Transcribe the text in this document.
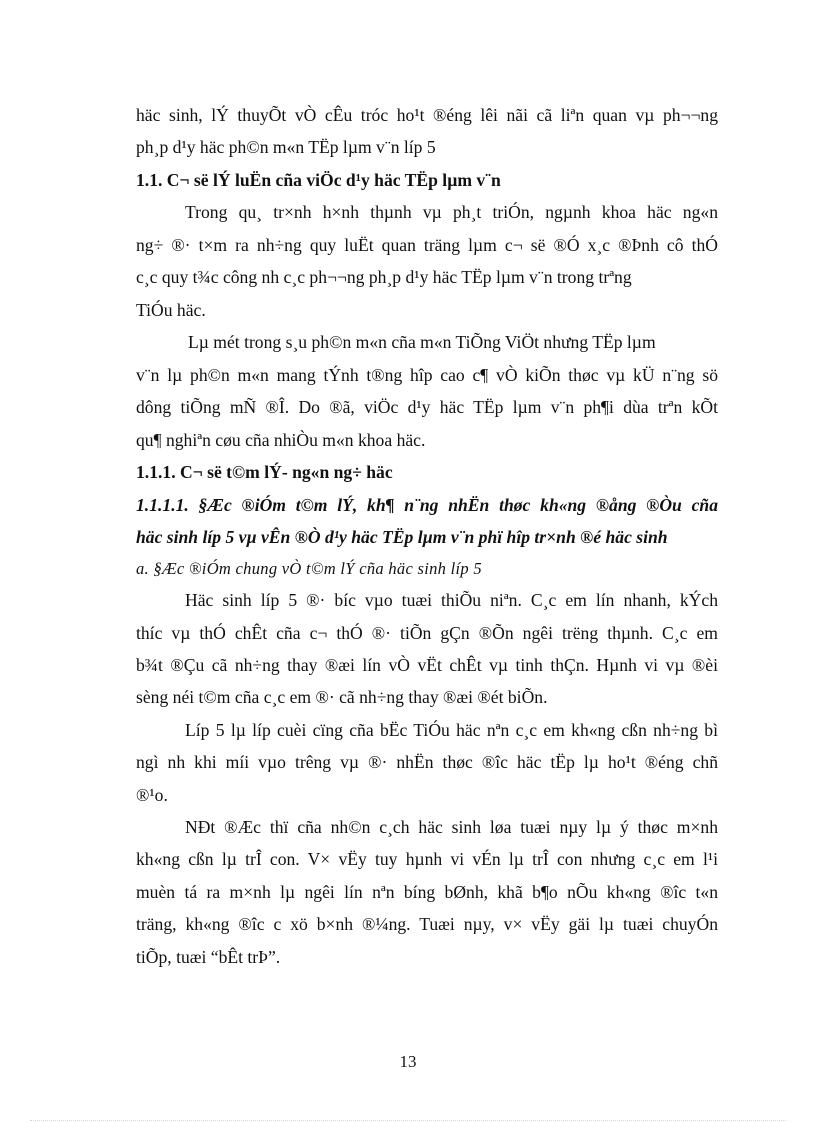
häc sinh, lÝ thuyÕt vÒ cÊu tróc ho¹t ®éng lêi nãi cã liªn quan vµ ph¬¬ng
ph¸p d¹y häc ph©n m«n TËp lµm v¨n líp 5
1.1. C¬ së lÝ luËn cña viÖc d¹y häc TËp lµm v¨n
Trong qu¸ tr×nh h×nh thµnh vµ ph¸t triÓn, ngµnh khoa häc ng«n
ng÷ ®· t×m ra nh÷ng quy luËt quan träng lµm c¬ së ®Ó x¸c ®Þnh cô thÓ
c¸c quy t¾c công nh c¸c ph¬¬ng ph¸p d¹y häc TËp lµm v¨n trong trªng
TiÓu häc.
Lµ mét trong s¸u ph©n m«n cña m«n TiÕng ViÖt nhưng TËp lµm
v¨n lµ ph©n m«n mang tÝnh t®ng hîp cao c¶ vÒ kiÕn thøc vµ kÜ n¨ng sö
dông tiÕng mÑ ®Î. Do ®ã, viÖc d¹y häc TËp lµm v¨n ph¶i dùa trªn kÕt
qu¶ nghiªn cøu cña nhiÒu m«n khoa häc.
1.1.1. C¬ së t©m lÝ- ng«n ng÷ häc
1.1.1.1. §Æc ®iÓm t©m lÝ, kh¶ n¨ng nhËn thøc kh«ng ®ång ®Òu cña
häc sinh líp 5 vµ vÊn ®Ò d¹y häc TËp lµm v¨n phï hîp tr×nh ®é häc sinh
a. §Æc ®iÓm chung vÒ t©m lÝ cña häc sinh líp 5
Häc sinh líp 5 ®· bíc vµo tuæi thiÕu niªn. C¸c em lín nhanh, kÝch
thíc vµ thÓ chÊt cña c¬ thÓ ®· tiÕn gÇn ®Õn ngêi trëng thµnh. C¸c em
b¾t ®Çu cã nh÷ng thay ®æi lín vÒ vËt chÊt vµ tinh thÇn. Hµnh vi vµ ®èi
sèng néi t©m cña c¸c em ®· cã nh÷ng thay ®æi ®ét biÕn.
Líp 5 lµ líp cuèi cïng cña bËc TiÓu häc nªn c¸c em kh«ng cßn nh÷ng bì
ngì nh khi míi vµo trêng vµ ®· nhËn thøc ®îc häc tËp lµ ho¹t ®éng chñ
®¹o.
NÐt ®Æc thï cña nh©n c¸ch häc sinh løa tuæi nµy lµ ý thøc m×nh
kh«ng cßn lµ trÎ con. V× vËy tuy hµnh vi vÉn lµ trÎ con nhưng c¸c em l¹i
muèn tá ra m×nh lµ ngêi lín nªn bíng bØnh, khã b¶o nÕu kh«ng ®îc t«n
träng, kh«ng ®îc c xö b×nh ®¼ng. Tuæi nµy, v× vËy gäi lµ tuæi chuyÓn
tiÕp, tuæi “bÊt trÞ”.
13
